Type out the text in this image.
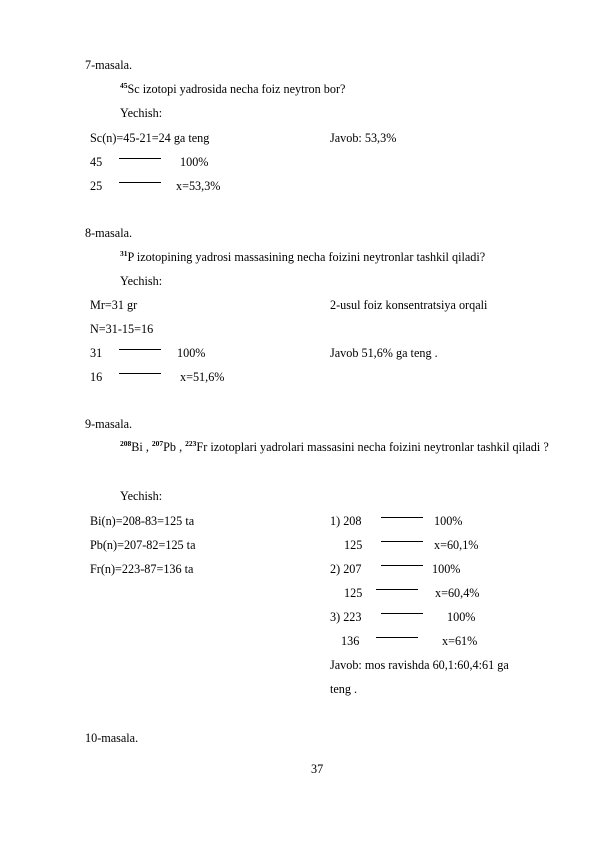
7-masala.
$^{45}$Sc izotopi yadrosida necha foiz neytron bor?
Yechish:
Sc(n)=45-21=24 ga teng	Javob: 53,3%
45	100%
25	x=53,3%
8-masala.
$^{31}$P izotopining yadrosi massasining necha foizini neytronlar tashkil qiladi?
Yechish:
Mr=31 gr	2-usul foiz konsentratsiya orqali
N=31-15=16
31	100%	Javob 51,6% ga teng .
16	x=51,6%
9-masala.
$^{208}$Bi , $^{207}$Pb , $^{223}$Fr izotoplari yadrolari massasini necha foizini neytronlar tashkil qiladi ?
Yechish:
Bi(n)=208-83=125 ta
Pb(n)=207-82=125 ta
Fr(n)=223-87=136 ta
1) 208	100%
125	x=60,1%
2) 207	100%
125	x=60,4%
3) 223	100%
136	x=61%
Javob: mos ravishda 60,1:60,4:61 ga
teng .
10-masala.
37
